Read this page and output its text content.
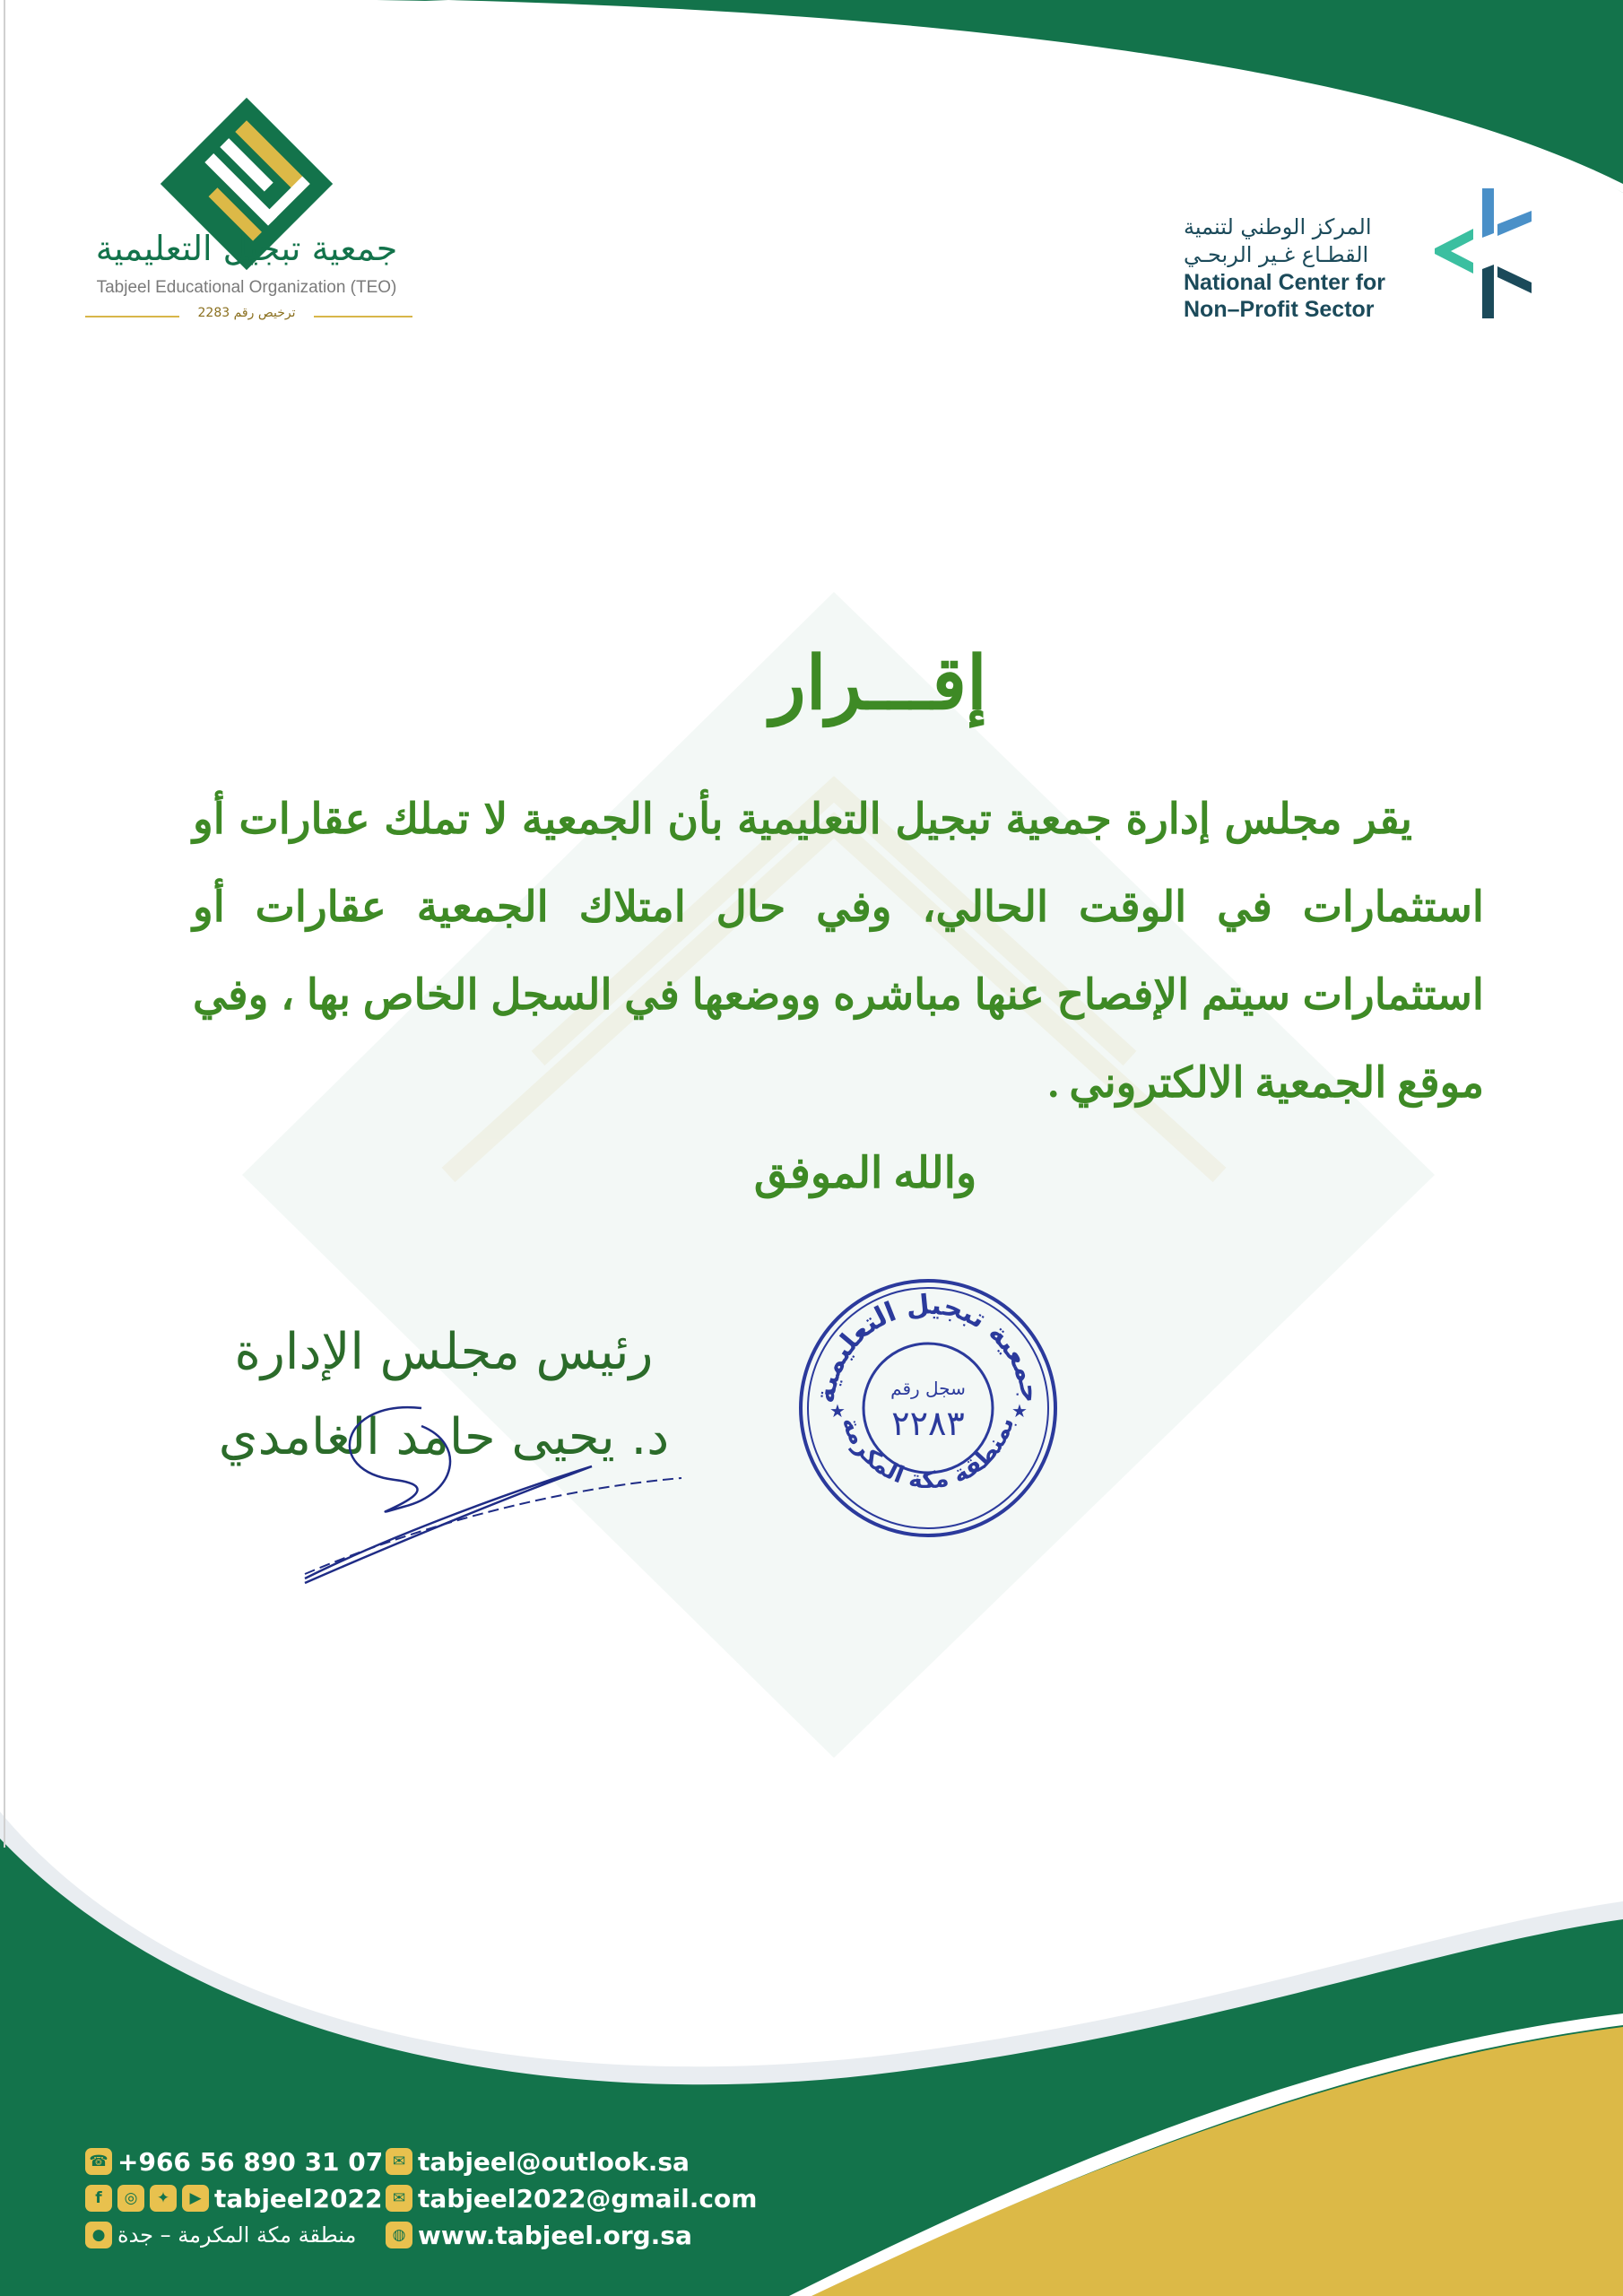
جمعية تبجيل التعليمية
Tabjeel Educational Organization (TEO)
ترخيص رقم 2283
المركز الوطني لتنمية
القطـاع غـير الربحـي
National Center for
Non–Profit Sector
إقـــرار
يقر مجلس إدارة جمعية تبجيل التعليمية بأن الجمعية لا تملك عقارات أو استثمارات في الوقت الحالي، وفي حال امتلاك الجمعية عقارات أو استثمارات سيتم الإفصاح عنها مباشره ووضعها في السجل الخاص بها ، وفي موقع الجمعية الالكتروني .
والله الموفق
رئيس مجلس الإدارة
د. يحيى حامد الغامدي
جمعية تبجيل التعليمية
بمنطقة مكة المكرمة
سجل رقم
٢٢٨٣
★	★
☎ +966 56 890 31 07 ✉ tabjeel@outlook.sa
f	◎	✦	▶ tabjeel2022 ✉ tabjeel2022@gmail.com
● منطقة مكة المكرمة – جدة	◍ www.tabjeel.org.sa
